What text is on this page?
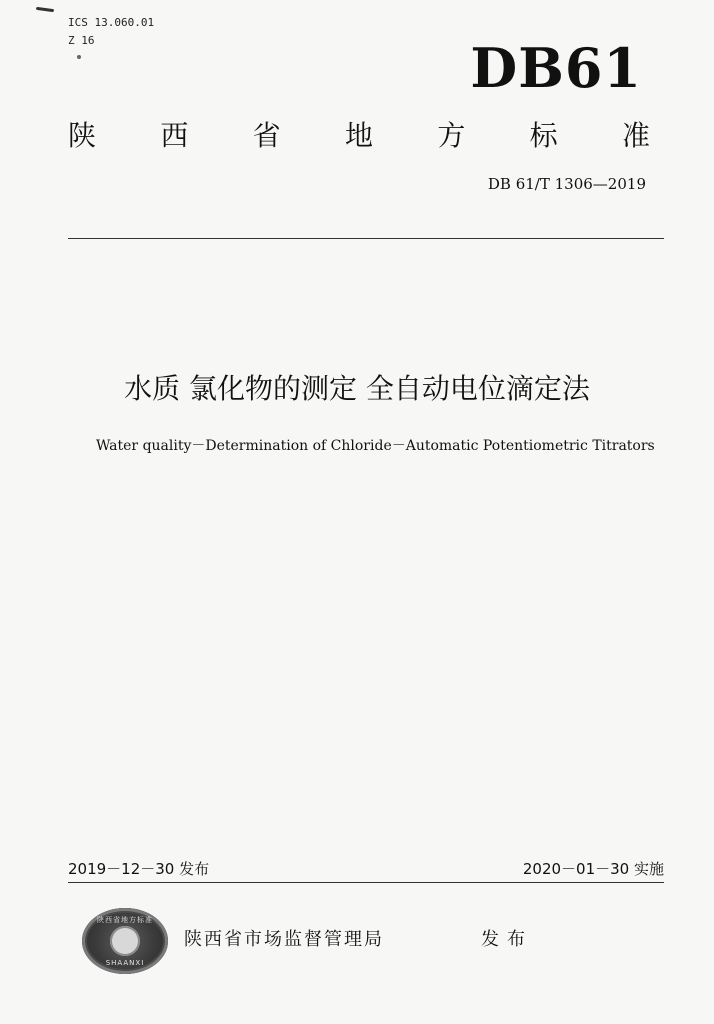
ICS 13.060.01
Z 16	DB61
陕 西 省 地 方 标 准
DB 61/T 1306—2019
水质 氯化物的测定 全自动电位滴定法
Water quality－Determination of Chloride－Automatic Potentiometric Titrators
2019－12－30 发布	2020－01－30 实施
陕西省地方标准
SHAANXI
陕西省市场监督管理局	发布
